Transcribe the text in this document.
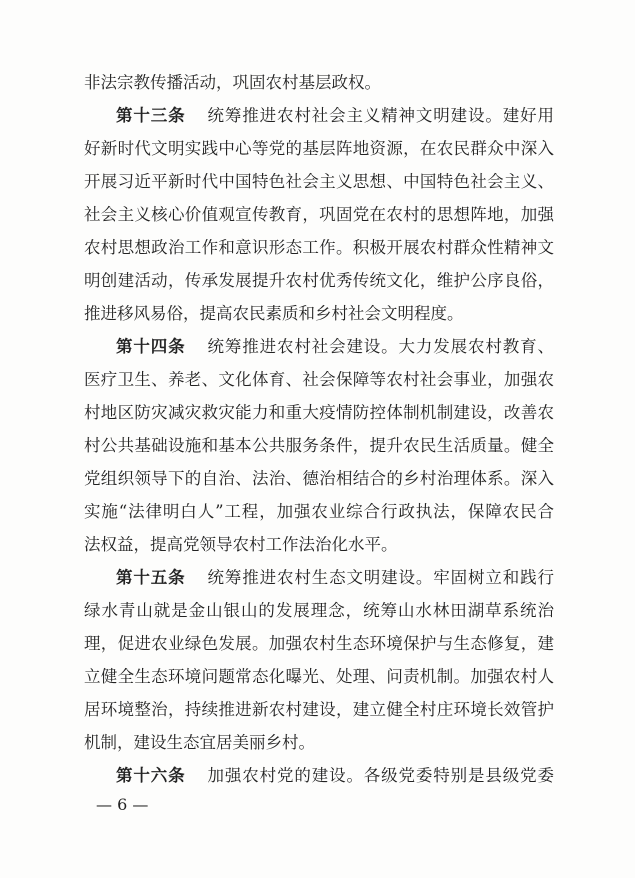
非法宗教传播活动，巩固农村基层政权。
第十三条 统筹推进农村社会主义精神文明建设。建好用
好新时代文明实践中心等党的基层阵地资源，在农民群众中深入
开展习近平新时代中国特色社会主义思想、中国特色社会主义、
社会主义核心价值观宣传教育，巩固党在农村的思想阵地，加强
农村思想政治工作和意识形态工作。积极开展农村群众性精神文
明创建活动，传承发展提升农村优秀传统文化，维护公序良俗，
推进移风易俗，提高农民素质和乡村社会文明程度。
第十四条 统筹推进农村社会建设。大力发展农村教育、
医疗卫生、养老、文化体育、社会保障等农村社会事业，加强农
村地区防灾减灾救灾能力和重大疫情防控体制机制建设，改善农
村公共基础设施和基本公共服务条件，提升农民生活质量。健全
党组织领导下的自治、法治、德治相结合的乡村治理体系。深入
实施“法律明白人”工程，加强农业综合行政执法，保障农民合
法权益，提高党领导农村工作法治化水平。
第十五条 统筹推进农村生态文明建设。牢固树立和践行
绿水青山就是金山银山的发展理念，统筹山水林田湖草系统治
理，促进农业绿色发展。加强农村生态环境保护与生态修复，建
立健全生态环境问题常态化曝光、处理、问责机制。加强农村人
居环境整治，持续推进新农村建设，建立健全村庄环境长效管护
机制，建设生态宜居美丽乡村。
第十六条 加强农村党的建设。各级党委特别是县级党委
— 6 —
